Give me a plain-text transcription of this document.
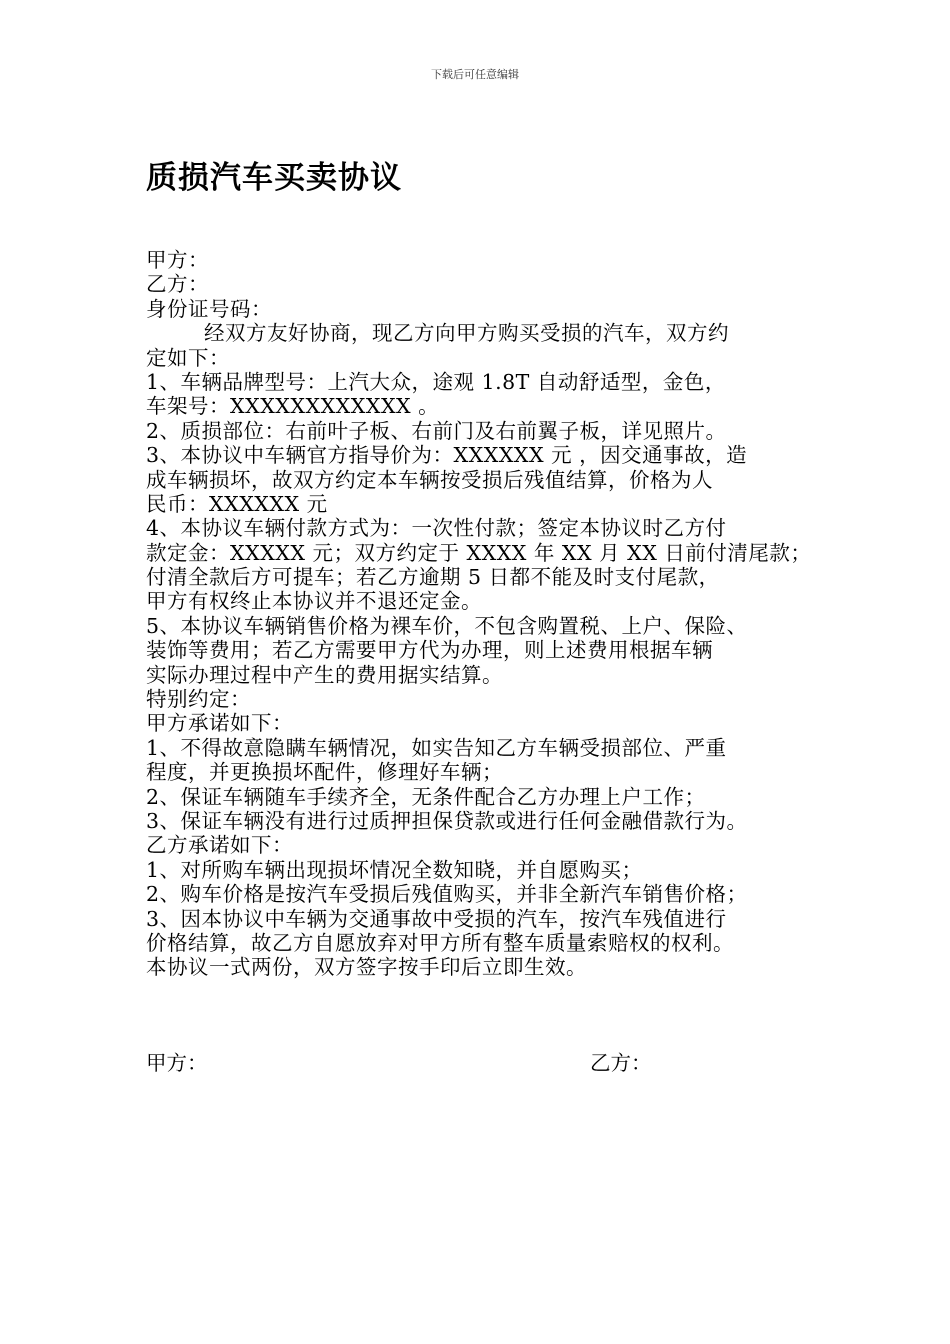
下载后可任意编辑
质损汽车买卖协议
甲方：
乙方：
身份证号码：
经双方友好协商，现乙方向甲方购买受损的汽车，双方约
定如下：
1、车辆品牌型号：上汽大众，途观 1.8T 自动舒适型，金色，
车架号：XXXXXXXXXXXX 。
2、质损部位：右前叶子板、右前门及右前翼子板，详见照片。
3、本协议中车辆官方指导价为：XXXXXX 元 ，因交通事故，造
成车辆损坏，故双方约定本车辆按受损后残值结算，价格为人
民币：XXXXXX 元
4、本协议车辆付款方式为：一次性付款；签定本协议时乙方付
款定金：XXXXX 元；双方约定于 XXXX 年 XX 月 XX 日前付清尾款；
付清全款后方可提车；若乙方逾期 5 日都不能及时支付尾款，
甲方有权终止本协议并不退还定金。
5、本协议车辆销售价格为裸车价，不包含购置税、上户、保险、
装饰等费用；若乙方需要甲方代为办理，则上述费用根据车辆
实际办理过程中产生的费用据实结算。
特别约定：
甲方承诺如下：
1、不得故意隐瞒车辆情况，如实告知乙方车辆受损部位、严重
程度，并更换损坏配件，修理好车辆；
2、保证车辆随车手续齐全，无条件配合乙方办理上户工作；
3、保证车辆没有进行过质押担保贷款或进行任何金融借款行为。
乙方承诺如下：
1、对所购车辆出现损坏情况全数知晓，并自愿购买；
2、购车价格是按汽车受损后残值购买，并非全新汽车销售价格；
3、因本协议中车辆为交通事故中受损的汽车，按汽车残值进行
价格结算，故乙方自愿放弃对甲方所有整车质量索赔权的权利。
本协议一式两份，双方签字按手印后立即生效。
甲方：	乙方：
